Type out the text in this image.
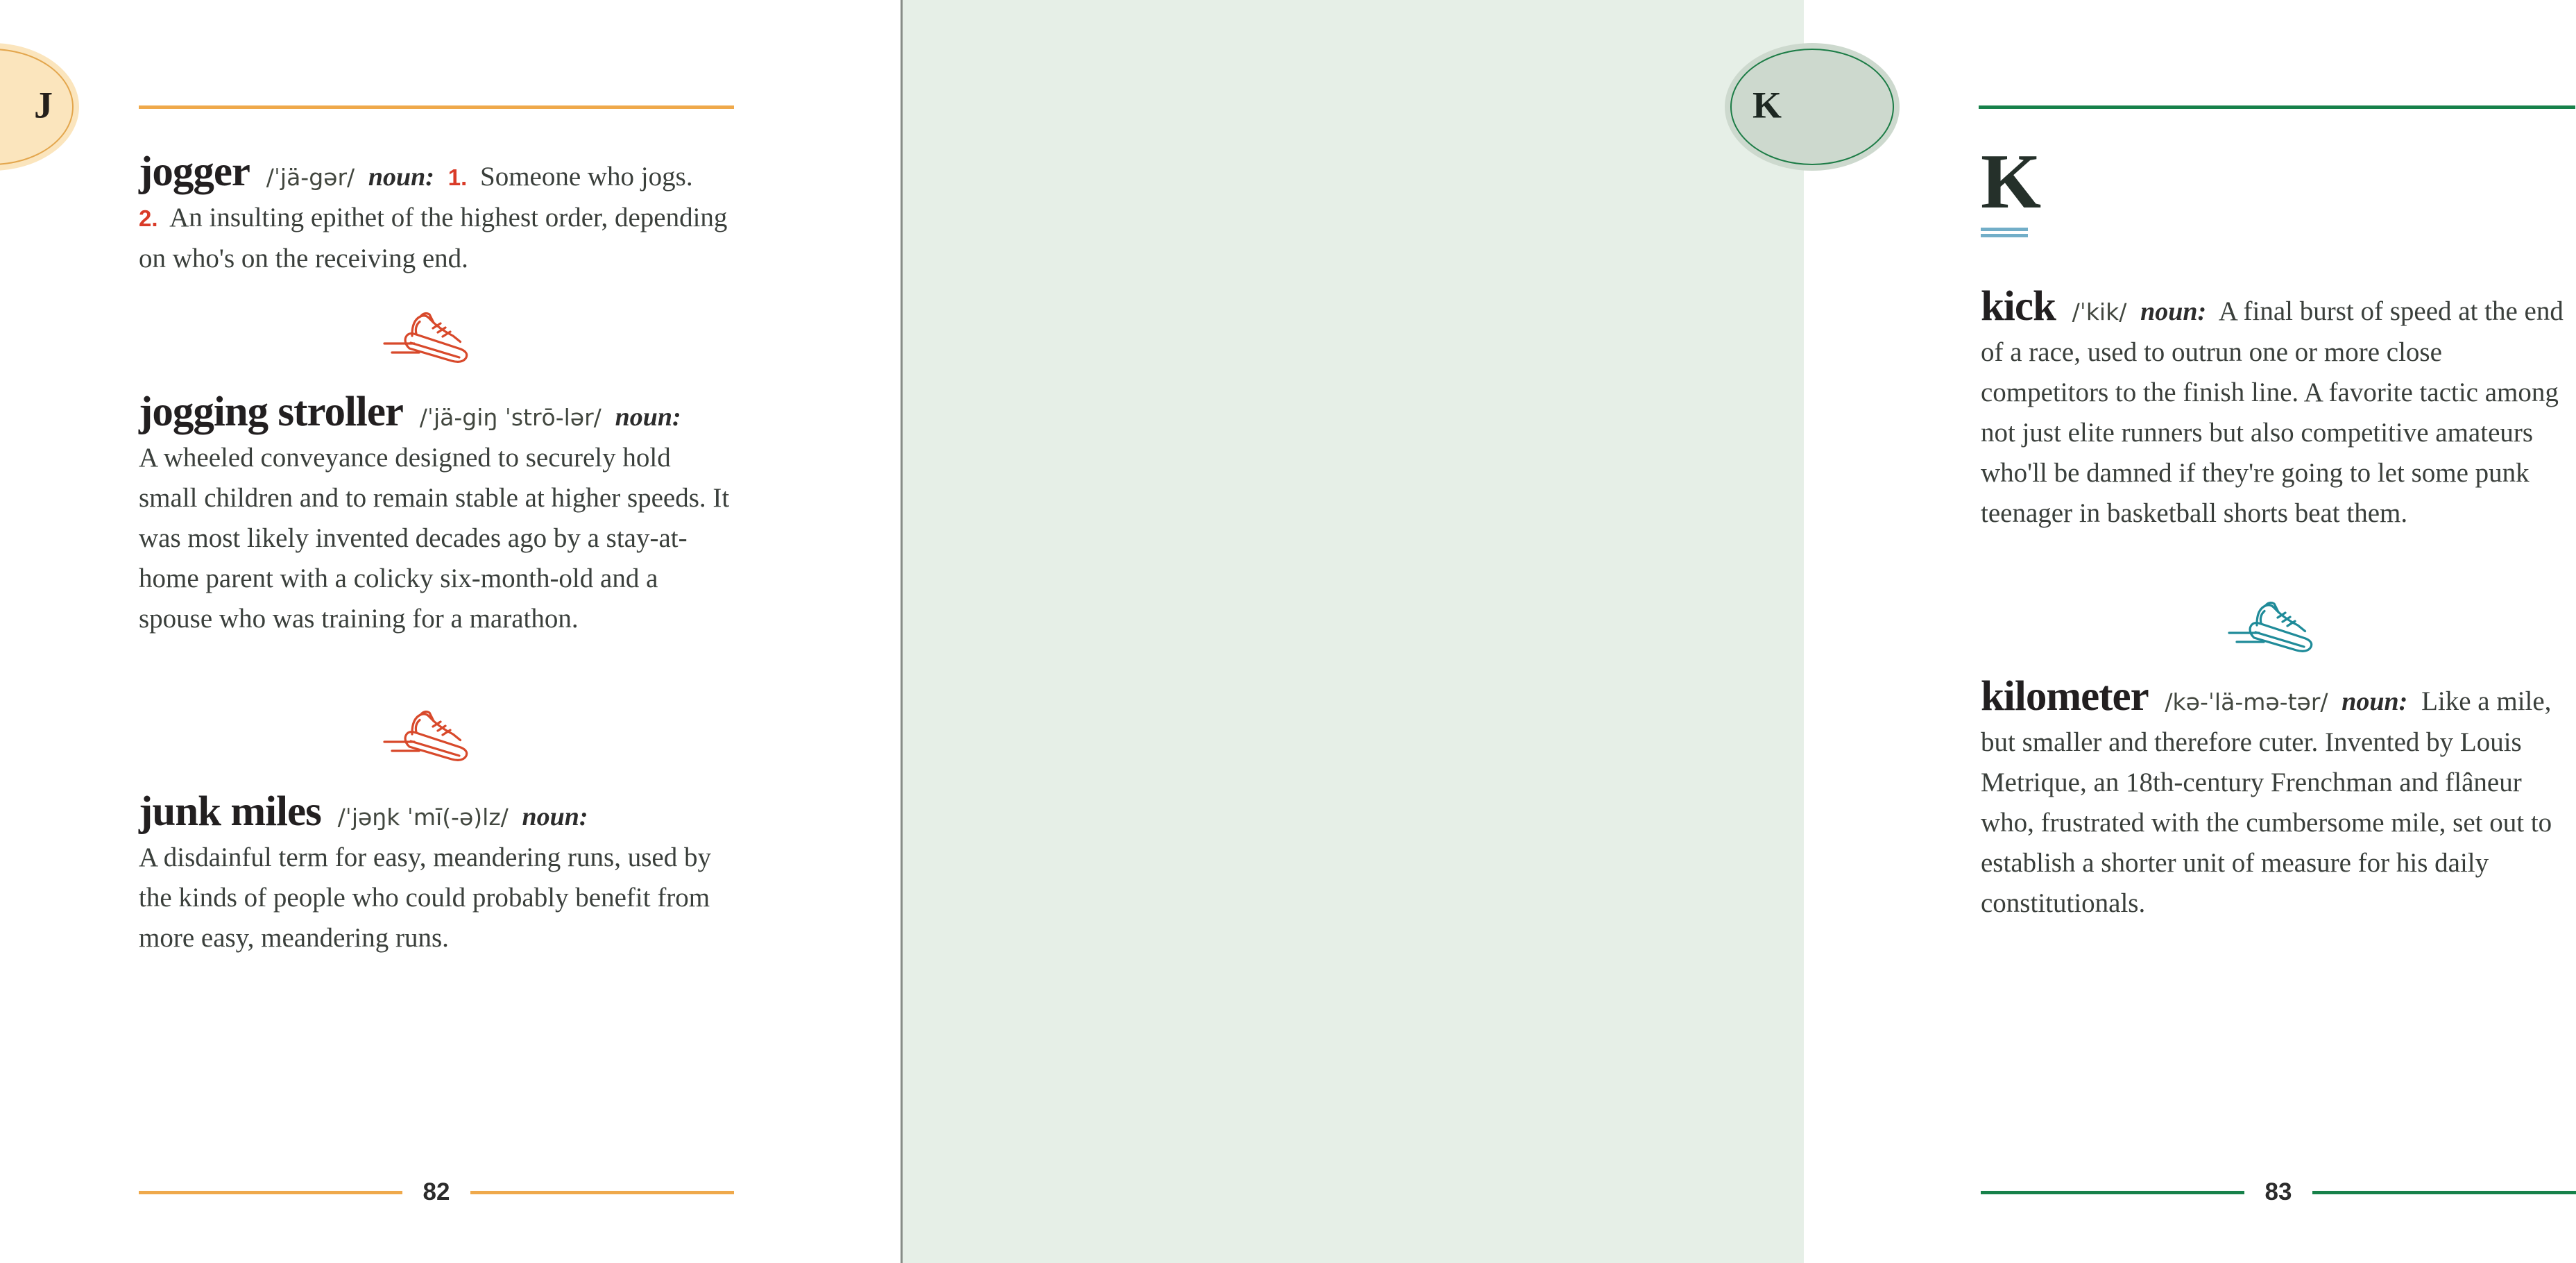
jogger /ˈjä-gər/ noun: 1. Someone who jogs.
2. An insulting epithet of the highest order, depending on who's on the receiving end.

jogging stroller /ˈjä-giŋ ˈstrō-lər/ noun:
A wheeled conveyance designed to securely hold small children and to remain stable at higher speeds. It was most likely invented decades ago by a stay-at-home parent with a colicky six-month-old and a spouse who was training for a marathon.

junk miles /ˈjəŋk ˈmī(-ə)lz/ noun:
A disdainful term for easy, meandering runs, used by the kinds of people who could probably benefit from more easy, meandering runs.

82
K

kick /ˈkik/ noun: A final burst of speed at the end of a race, used to outrun one or more close competitors to the finish line. A favorite tactic among not just elite runners but also competitive amateurs who'll be damned if they're going to let some punk teenager in basketball shorts beat them.

kilometer /kə-ˈlä-mə-tər/ noun: Like a mile, but smaller and therefore cuter. Invented by Louis Metrique, an 18th-century Frenchman and flâneur who, frustrated with the cumbersome mile, set out to establish a shorter unit of measure for his daily constitutionals.

83
J	K
